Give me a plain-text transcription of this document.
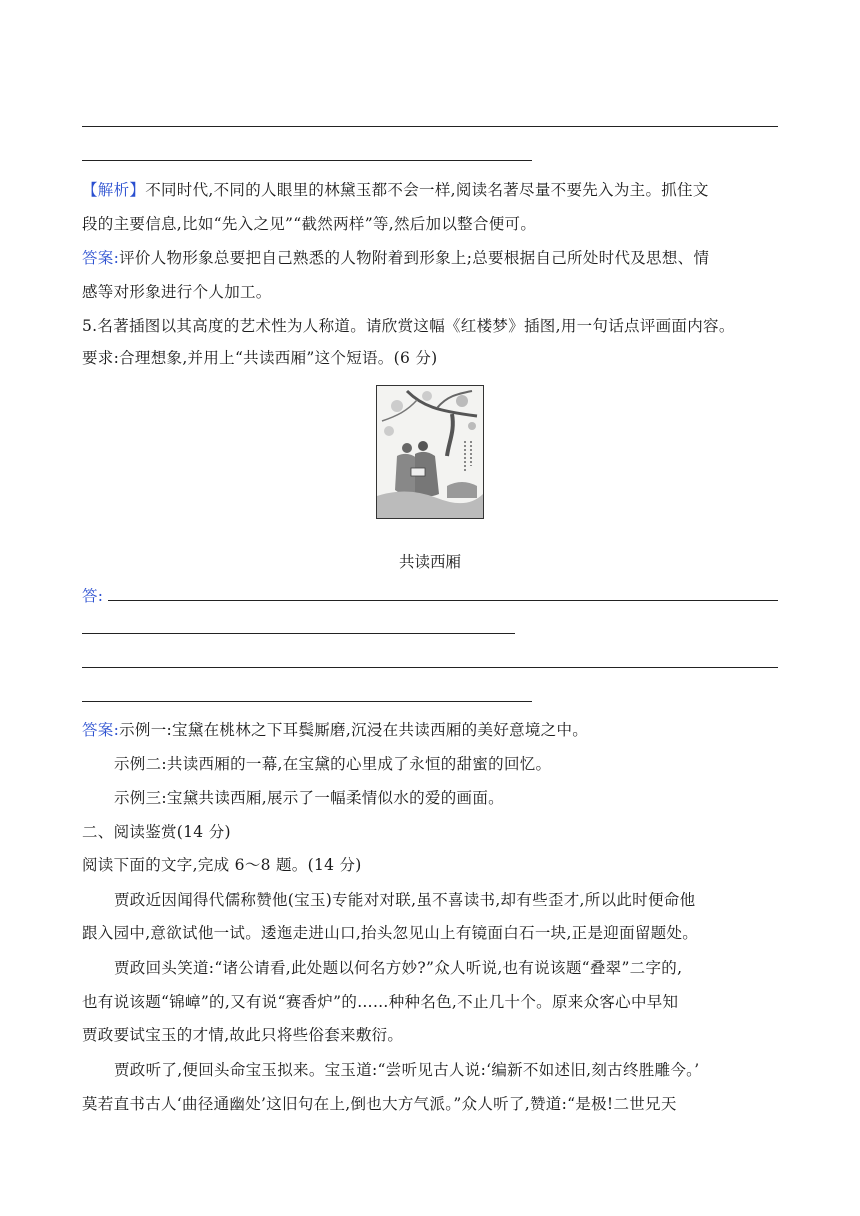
【解析】不同时代,不同的人眼里的林黛玉都不会一样,阅读名著尽量不要先入为主。抓住文
段的主要信息,比如“先入之见”“截然两样”等,然后加以整合便可。
答案:评价人物形象总要把自己熟悉的人物附着到形象上;总要根据自己所处时代及思想、情
感等对形象进行个人加工。
5.名著插图以其高度的艺术性为人称道。请欣赏这幅《红楼梦》插图,用一句话点评画面内容。
要求:合理想象,并用上“共读西厢”这个短语。(6 分)
共读西厢
答:
答案:示例一:宝黛在桃林之下耳鬓厮磨,沉浸在共读西厢的美好意境之中。
示例二:共读西厢的一幕,在宝黛的心里成了永恒的甜蜜的回忆。
示例三:宝黛共读西厢,展示了一幅柔情似水的爱的画面。
二、阅读鉴赏(14 分)
阅读下面的文字,完成 6～8 题。(14 分)
贾政近因闻得代儒称赞他(宝玉)专能对对联,虽不喜读书,却有些歪才,所以此时便命他
跟入园中,意欲试他一试。逶迤走进山口,抬头忽见山上有镜面白石一块,正是迎面留题处。
贾政回头笑道:“诸公请看,此处题以何名方妙?”众人听说,也有说该题“叠翠”二字的,
也有说该题“锦嶂”的,又有说“赛香炉”的……种种名色,不止几十个。原来众客心中早知
贾政要试宝玉的才情,故此只将些俗套来敷衍。
贾政听了,便回头命宝玉拟来。宝玉道:“尝听见古人说:‘编新不如述旧,刻古终胜雕今。’
莫若直书古人‘曲径通幽处’这旧句在上,倒也大方气派。”众人听了,赞道:“是极!二世兄天
